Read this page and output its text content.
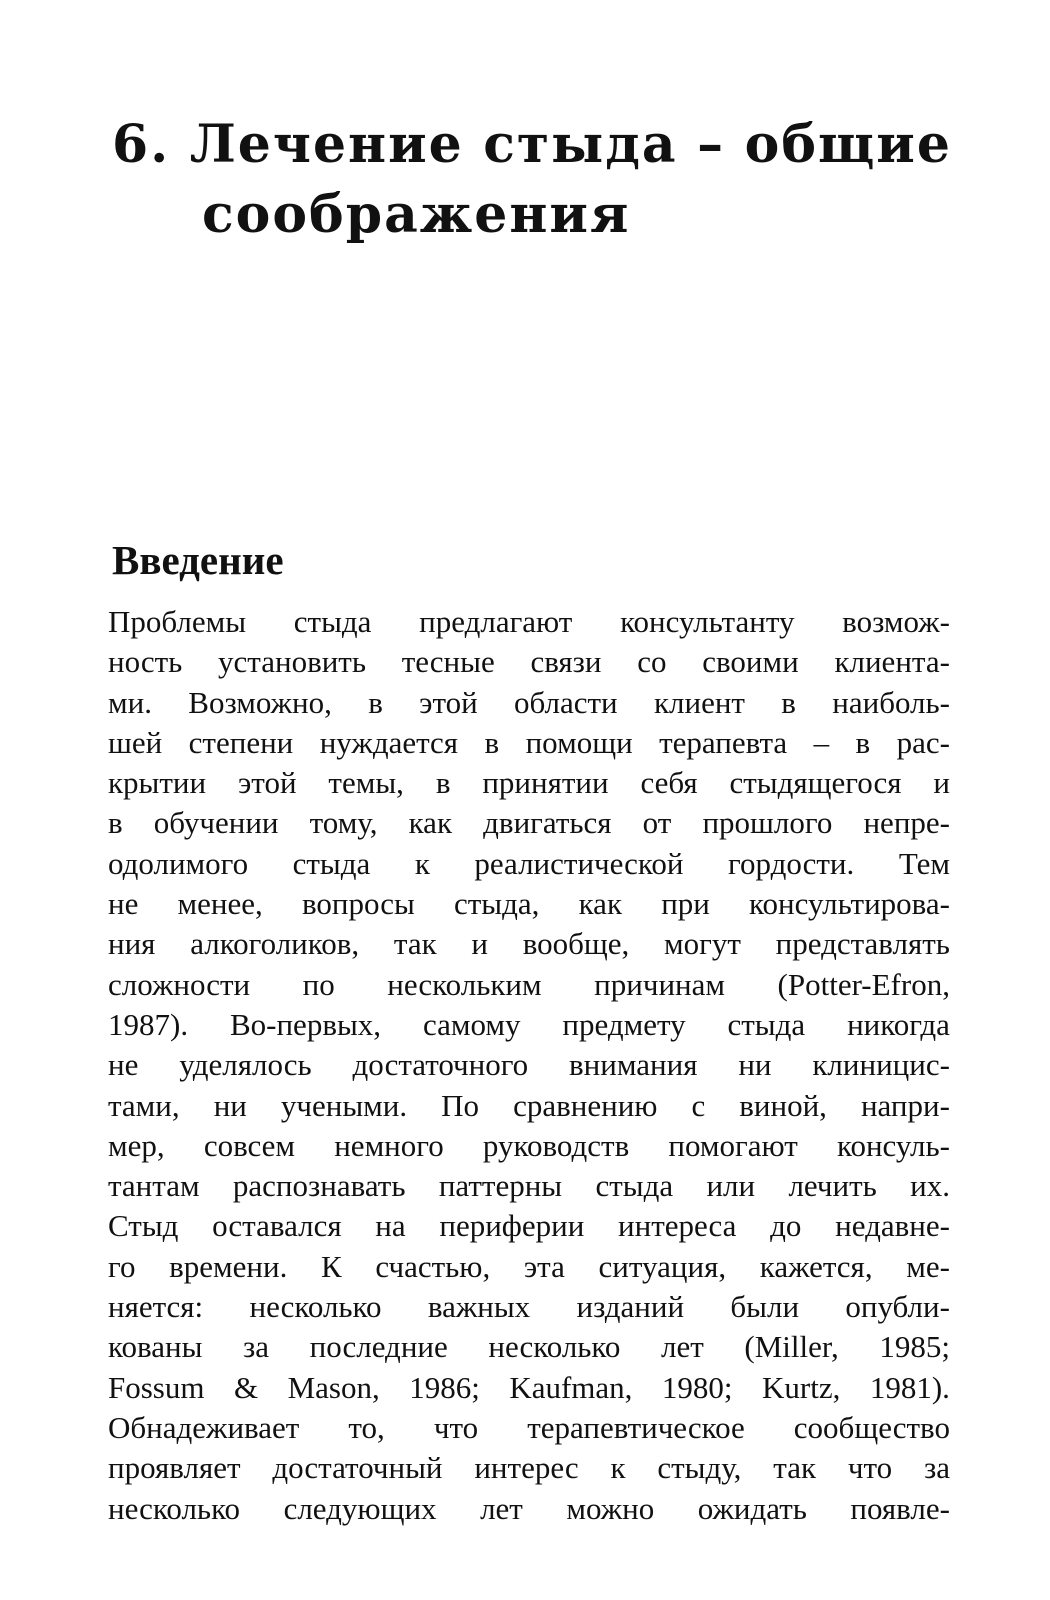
6. Лечение стыда – общие
соображения
Введение
Проблемы стыда предлагают консультанту возмож-
ность установить тесные связи со своими клиента-
ми. Возможно, в этой области клиент в наиболь-
шей степени нуждается в помощи терапевта – в рас-
крытии этой темы, в принятии себя стыдящегося и
в обучении тому, как двигаться от прошлого непре-
одолимого стыда к реалистической гордости. Тем
не менее, вопросы стыда, как при консультирова-
ния алкоголиков, так и вообще, могут представлять
сложности по нескольким причинам (Potter-Efron,
1987). Во-первых, самому предмету стыда никогда
не уделялось достаточного внимания ни клиницис-
тами, ни учеными. По сравнению с виной, напри-
мер, совсем немного руководств помогают консуль-
тантам распознавать паттерны стыда или лечить их.
Стыд оставался на периферии интереса до недавне-
го времени. К счастью, эта ситуация, кажется, ме-
няется: несколько важных изданий были опубли-
кованы за последние несколько лет (Miller, 1985;
Fossum & Mason, 1986; Kaufman, 1980; Kurtz, 1981).
Обнадеживает то, что терапевтическое сообщество
проявляет достаточный интерес к стыду, так что за
несколько следующих лет можно ожидать появле-
